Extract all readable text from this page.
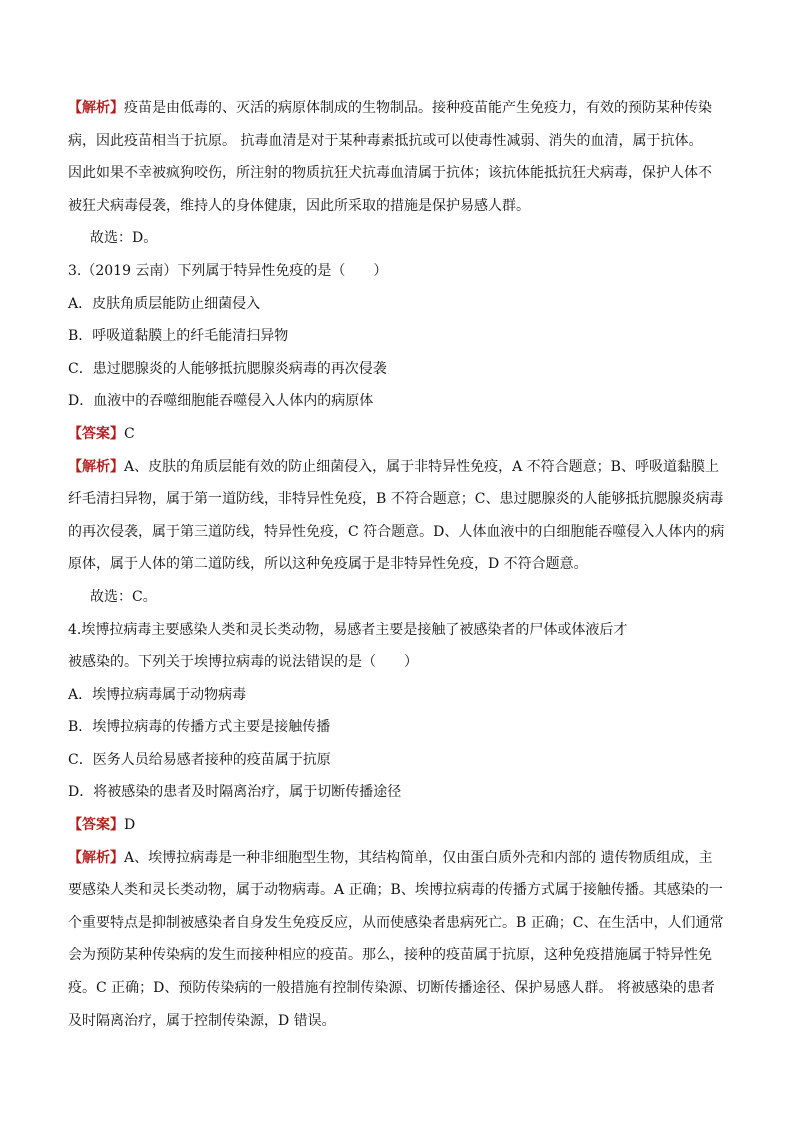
【解析】疫苗是由低毒的、灭活的病原体制成的生物制品。接种疫苗能产生免疫力，有效的预防某种传染
病，因此疫苗相当于抗原。 抗毒血清是对于某种毒素抵抗或可以使毒性减弱、消失的血清，属于抗体。
因此如果不幸被疯狗咬伤，所注射的物质抗狂犬抗毒血清属于抗体；该抗体能抵抗狂犬病毒，保护人体不
被狂犬病毒侵袭，维持人的身体健康，因此所采取的措施是保护易感人群。
故选：D。
3.（2019 云南）下列属于特异性免疫的是（　　）
A．皮肤角质层能防止细菌侵入
B．呼吸道黏膜上的纤毛能清扫异物
C．患过腮腺炎的人能够抵抗腮腺炎病毒的再次侵袭
D．血液中的吞噬细胞能吞噬侵入人体内的病原体
【答案】C
【解析】A、皮肤的角质层能有效的防止细菌侵入，属于非特异性免疫，A 不符合题意；B、呼吸道黏膜上
纤毛清扫异物，属于第一道防线，非特异性免疫，B 不符合题意；C、患过腮腺炎的人能够抵抗腮腺炎病毒
的再次侵袭，属于第三道防线，特异性免疫，C 符合题意。D、人体血液中的白细胞能吞噬侵入人体内的病
原体，属于人体的第二道防线，所以这种免疫属于是非特异性免疫，D 不符合题意。
故选：C。
4.埃博拉病毒主要感染人类和灵长类动物，易感者主要是接触了被感染者的尸体或体液后才
被感染的。下列关于埃博拉病毒的说法错误的是（　　）
A．埃博拉病毒属于动物病毒
B．埃博拉病毒的传播方式主要是接触传播
C．医务人员给易感者接种的疫苗属于抗原
D．将被感染的患者及时隔离治疗，属于切断传播途径
【答案】D
【解析】A、埃博拉病毒是一种非细胞型生物，其结构简单，仅由蛋白质外壳和内部的 遗传物质组成，主
要感染人类和灵长类动物，属于动物病毒。A 正确；B、埃博拉病毒的传播方式属于接触传播。其感染的一
个重要特点是抑制被感染者自身发生免疫反应，从而使感染者患病死亡。B 正确；C、在生活中，人们通常
会为预防某种传染病的发生而接种相应的疫苗。那么，接种的疫苗属于抗原，这种免疫措施属于特异性免
疫。C 正确；D、预防传染病的一般措施有控制传染源、切断传播途径、保护易感人群。 将被感染的患者
及时隔离治疗，属于控制传染源，D 错误。
